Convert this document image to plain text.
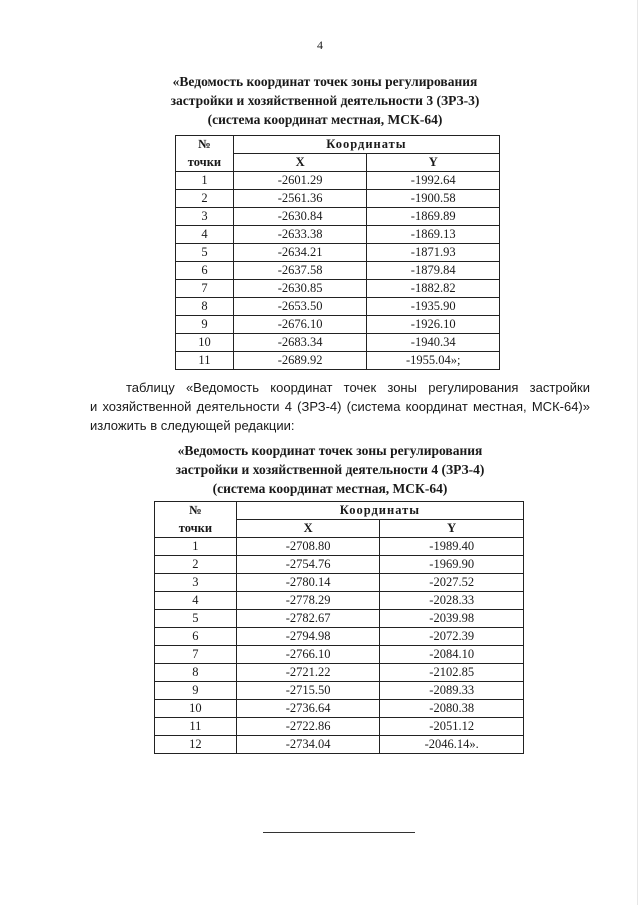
4
«Ведомость координат точек зоны регулирования
застройки и хозяйственной деятельности 3 (ЗРЗ-3)
(система координат местная, МСК-64)
№	Координаты	
точки	X	Y
1	-2601.29	-1992.64
2	-2561.36	-1900.58
3	-2630.84	-1869.89
4	-2633.38	-1869.13
5	-2634.21	-1871.93
6	-2637.58	-1879.84
7	-2630.85	-1882.82
8	-2653.50	-1935.90
9	-2676.10	-1926.10
10	-2683.34	-1940.34
11	-2689.92	-1955.04»;
таблицу «Ведомость координат точек зоны регулирования застройки
и хозяйственной деятельности 4 (ЗРЗ-4) (система координат местная, МСК-64)»
изложить в следующей редакции:
«Ведомость координат точек зоны регулирования
застройки и хозяйственной деятельности 4 (ЗРЗ-4)
(система координат местная, МСК-64)
№	Координаты	
точки	X	Y
1	-2708.80	-1989.40
2	-2754.76	-1969.90
3	-2780.14	-2027.52
4	-2778.29	-2028.33
5	-2782.67	-2039.98
6	-2794.98	-2072.39
7	-2766.10	-2084.10
8	-2721.22	-2102.85
9	-2715.50	-2089.33
10	-2736.64	-2080.38
11	-2722.86	-2051.12
12	-2734.04	-2046.14».
